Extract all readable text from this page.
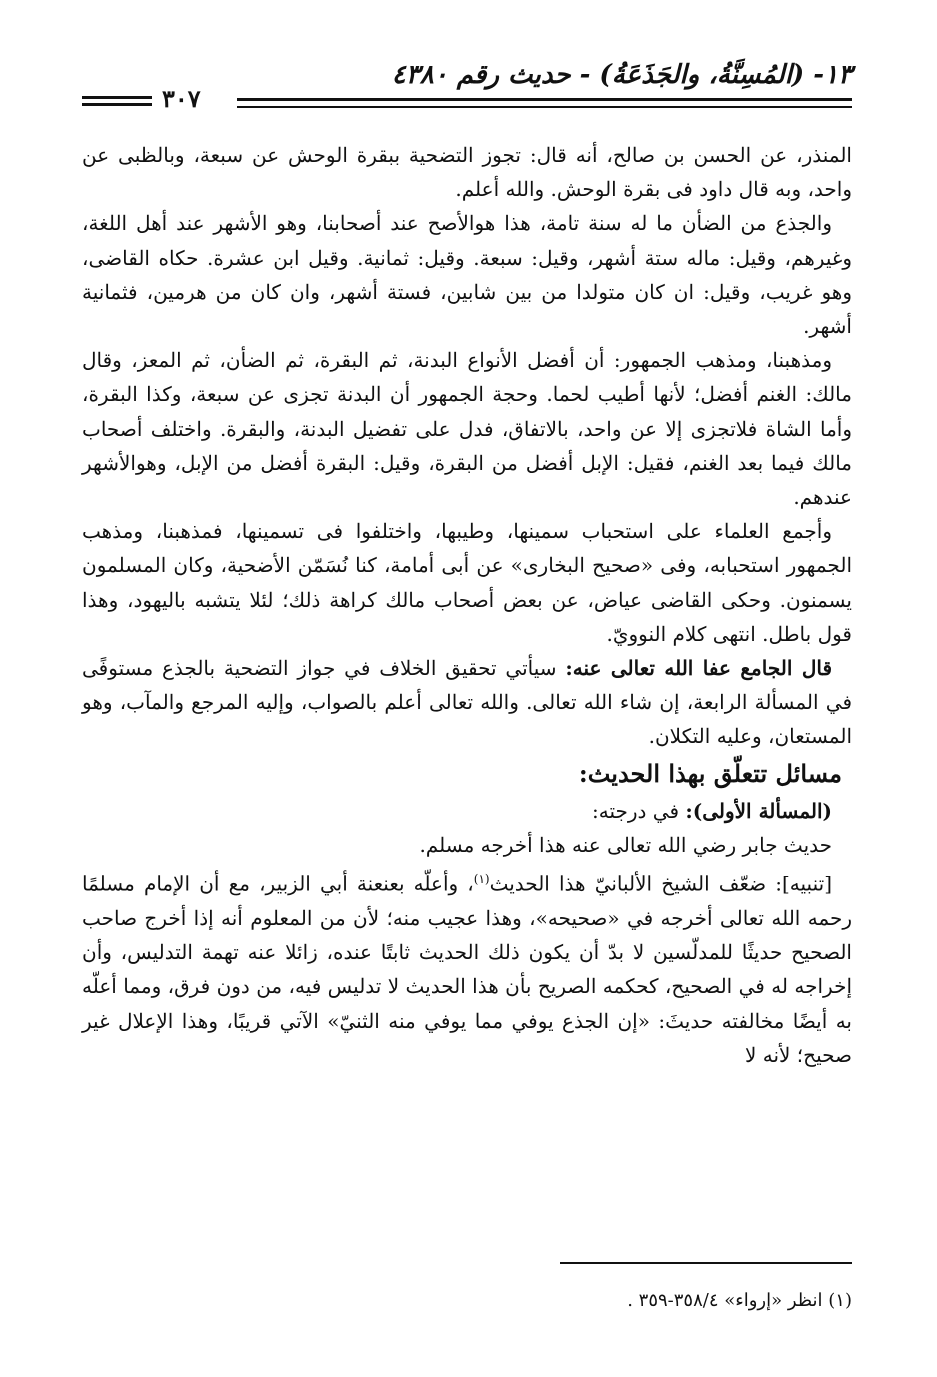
١٣- (المُسِنَّةُ، والجَذَعَةُ) - حديث رقم ٤٣٨٠
٣٠٧

المنذر، عن الحسن بن صالح، أنه قال: تجوز التضحية ببقرة الوحش عن سبعة، وبالظبى عن واحد، وبه قال داود فى بقرة الوحش. والله أعلم.

والجذع من الضأن ما له سنة تامة، هذا هوالأصح عند أصحابنا، وهو الأشهر عند أهل اللغة، وغيرهم، وقيل: ماله ستة أشهر، وقيل: سبعة. وقيل: ثمانية. وقيل ابن عشرة. حكاه القاضى، وهو غريب، وقيل: ان كان متولدا من بين شابين، فستة أشهر، وان كان من هرمين، فثمانية أشهر.

ومذهبنا، ومذهب الجمهور: أن أفضل الأنواع البدنة، ثم البقرة، ثم الضأن، ثم المعز، وقال مالك: الغنم أفضل؛ لأنها أطيب لحما. وحجة الجمهور أن البدنة تجزى عن سبعة، وكذا البقرة، وأما الشاة فلاتجزى إلا عن واحد، بالاتفاق، فدل على تفضيل البدنة، والبقرة. واختلف أصحاب مالك فيما بعد الغنم، فقيل: الإبل أفضل من البقرة، وقيل: البقرة أفضل من الإبل، وهوالأشهر عندهم.

وأجمع العلماء على استحباب سمينها، وطيبها، واختلفوا فى تسمينها، فمذهبنا، ومذهب الجمهور استحبابه، وفى «صحيح البخارى» عن أبى أمامة، كنا نُسَمّن الأضحية، وكان المسلمون يسمنون. وحكى القاضى عياض، عن بعض أصحاب مالك كراهة ذلك؛ لئلا يتشبه باليهود، وهذا قول باطل. انتهى كلام النوويّ.

قال الجامع عفا الله تعالى عنه: سيأتي تحقيق الخلاف في جواز التضحية بالجذع مستوفًى في المسألة الرابعة، إن شاء الله تعالى. والله تعالى أعلم بالصواب، وإليه المرجع والمآب، وهو المستعان، وعليه التكلان.

مسائل تتعلّق بهذا الحديث:

(المسألة الأولى): في درجته:

حديث جابر رضي الله تعالى عنه هذا أخرجه مسلم.

[تنبيه]: ضعّف الشيخ الألبانيّ هذا الحديث$^{(١)}$، وأعلّه بعنعنة أبي الزبير، مع أن الإمام مسلمًا رحمه الله تعالى أخرجه في «صحيحه»، وهذا عجيب منه؛ لأن من المعلوم أنه إذا أخرج صاحب الصحيح حديثًا للمدلّسين لا بدّ أن يكون ذلك الحديث ثابتًا عنده، زائلا عنه تهمة التدليس، وأن إخراجه له في الصحيح، كحكمه الصريح بأن هذا الحديث لا تدليس فيه، من دون فرق، ومما أعلّه به أيضًا مخالفته حديثَ: «إن الجذع يوفي مما يوفي منه الثنيّ» الآتي قريبًا، وهذا الإعلال غير صحيح؛ لأنه لا

(١) انظر «إرواء» ٣٥٨/٤-٣٥٩ .
